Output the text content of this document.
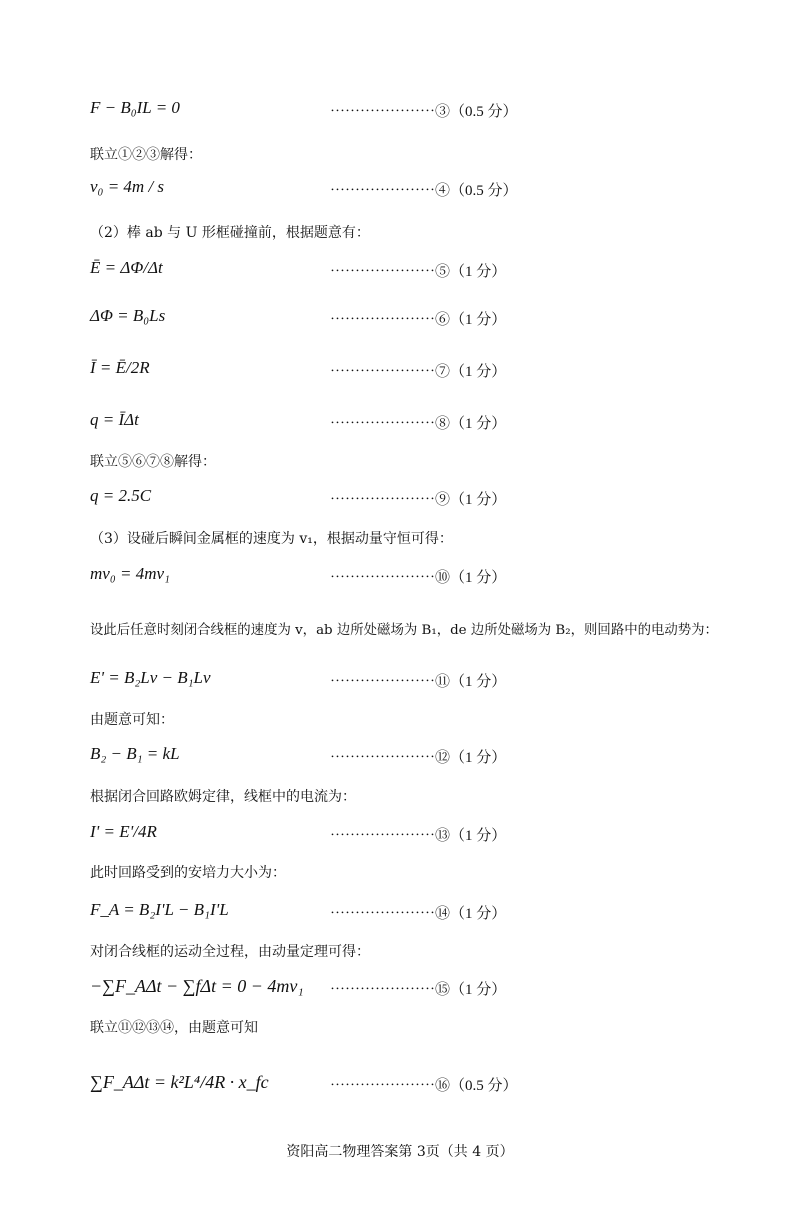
F − B₀IL = 0	⋯⋯⋯⋯⋯⋯⋯③（0.5 分）
联立①②③解得：
v₀ = 4m / s	⋯⋯⋯⋯⋯⋯⋯④（0.5 分）
（2）棒 ab 与 U 形框碰撞前，根据题意有：
Ē = ΔΦ/Δt	⋯⋯⋯⋯⋯⋯⋯⑤（1 分）
ΔΦ = B₀Ls	⋯⋯⋯⋯⋯⋯⋯⑥（1 分）
Ī = Ē/2R	⋯⋯⋯⋯⋯⋯⋯⑦（1 分）
q = ĪΔt	⋯⋯⋯⋯⋯⋯⋯⑧（1 分）
联立⑤⑥⑦⑧解得：
q = 2.5C	⋯⋯⋯⋯⋯⋯⋯⑨（1 分）
（3）设碰后瞬间金属框的速度为 v₁，根据动量守恒可得：
mv₀ = 4mv₁	⋯⋯⋯⋯⋯⋯⋯⑩（1 分）
设此后任意时刻闭合线框的速度为 v，ab 边所处磁场为 B₁，de 边所处磁场为 B₂，则回路中的电动势为：
E' = B₂Lv − B₁Lv	⋯⋯⋯⋯⋯⋯⋯⑪（1 分）
由题意可知：
B₂ − B₁ = kL	⋯⋯⋯⋯⋯⋯⋯⑫（1 分）
根据闭合回路欧姆定律，线框中的电流为：
I' = E'/4R	⋯⋯⋯⋯⋯⋯⋯⑬（1 分）
此时回路受到的安培力大小为：
F_A = B₂I'L − B₁I'L	⋯⋯⋯⋯⋯⋯⋯⑭（1 分）
对闭合线框的运动全过程，由动量定理可得：
−∑F_AΔt − ∑fΔt = 0 − 4mv₁ ⋯⋯⋯⋯⋯⋯⋯⑮（1 分）
联立⑪⑫⑬⑭，由题意可知
∑F_AΔt = k²L⁴/4R · x_fc	⋯⋯⋯⋯⋯⋯⋯⑯（0.5 分）
资阳高二物理答案第 3页（共 4 页）
